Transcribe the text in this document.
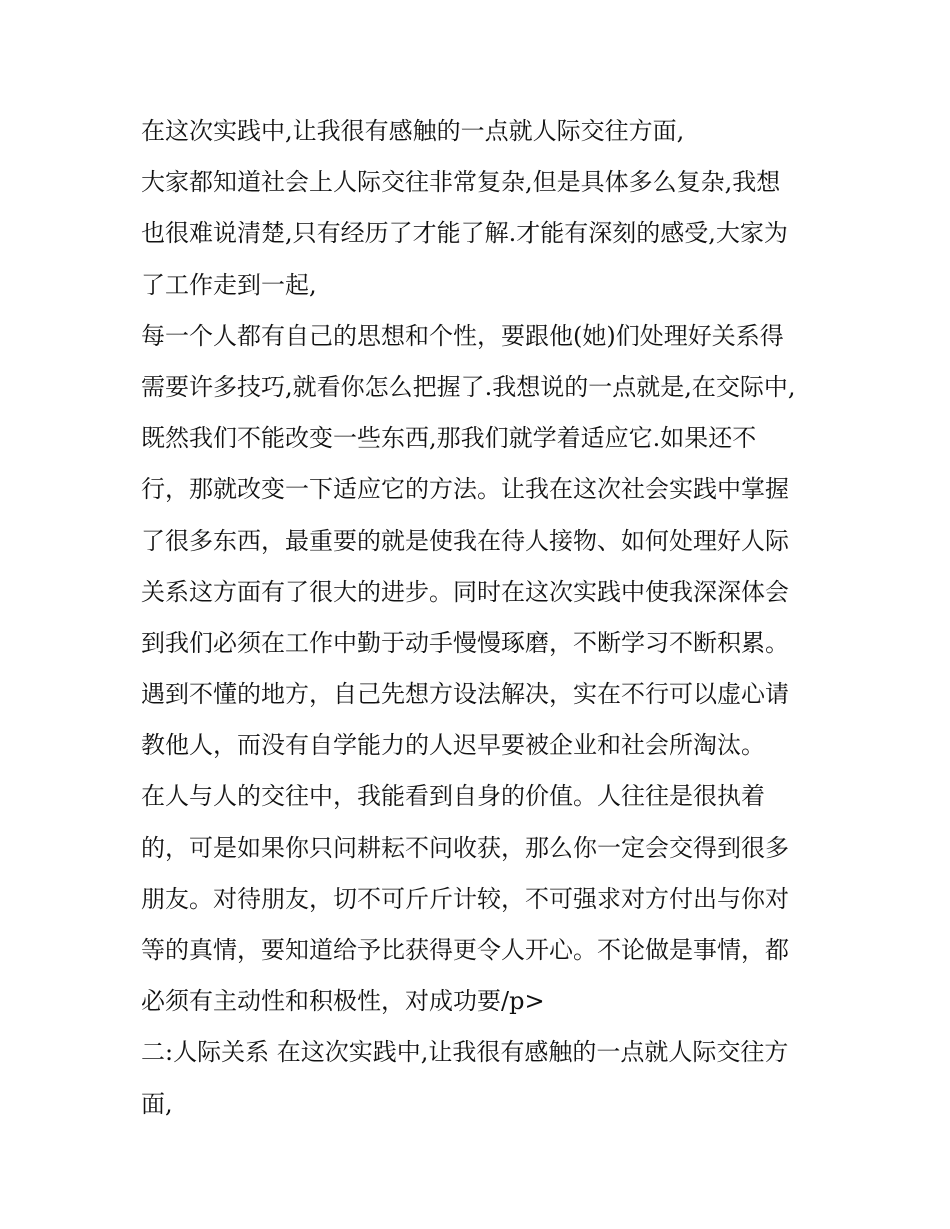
在这次实践中,让我很有感触的一点就人际交往方面,
大家都知道社会上人际交往非常复杂,但是具体多么复杂,我想
也很难说清楚,只有经历了才能了解.才能有深刻的感受,大家为
了工作走到一起,
每一个人都有自己的思想和个性，要跟他(她)们处理好关系得
需要许多技巧,就看你怎么把握了.我想说的一点就是,在交际中,
既然我们不能改变一些东西,那我们就学着适应它.如果还不
行，那就改变一下适应它的方法。让我在这次社会实践中掌握
了很多东西，最重要的就是使我在待人接物、如何处理好人际
关系这方面有了很大的进步。同时在这次实践中使我深深体会
到我们必须在工作中勤于动手慢慢琢磨，不断学习不断积累。
遇到不懂的地方，自己先想方设法解决，实在不行可以虚心请
教他人，而没有自学能力的人迟早要被企业和社会所淘汰。
在人与人的交往中，我能看到自身的价值。人往往是很执着
的，可是如果你只问耕耘不问收获，那么你一定会交得到很多
朋友。对待朋友，切不可斤斤计较，不可强求对方付出与你对
等的真情，要知道给予比获得更令人开心。不论做是事情，都
必须有主动性和积极性，对成功要/p>
二:人际关系 在这次实践中,让我很有感触的一点就人际交往方
面,
